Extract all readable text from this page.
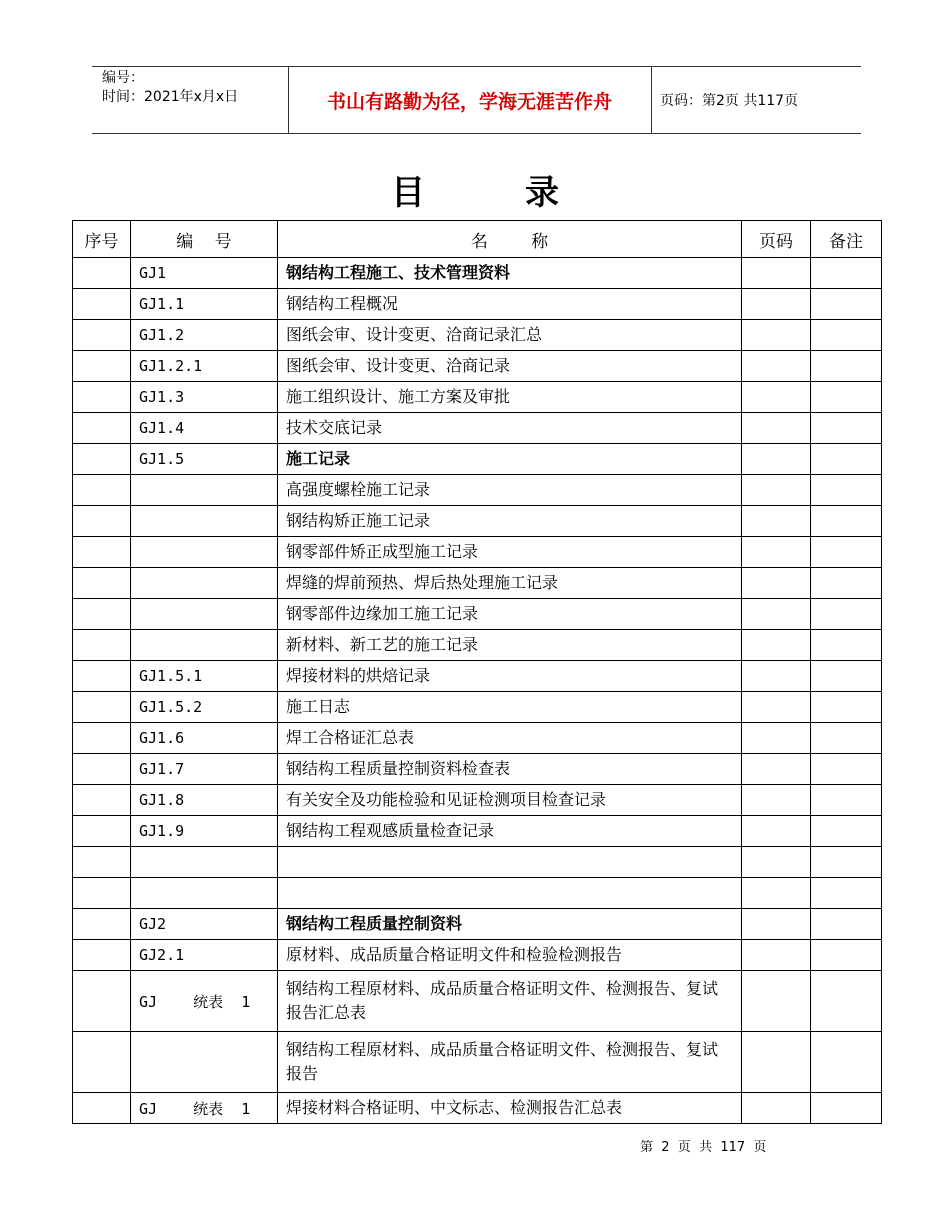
编号：
时间：2021年x月x日	书山有路勤为径，学海无涯苦作舟	页码：第2页 共117页
目录
序号	编    号	名        称	页码	备注
	GJ1	钢结构工程施工、技术管理资料		
	GJ1.1	钢结构工程概况		
	GJ1.2	图纸会审、设计变更、洽商记录汇总		
	GJ1.2.1	图纸会审、设计变更、洽商记录		
	GJ1.3	施工组织设计、施工方案及审批		
	GJ1.4	技术交底记录		
	GJ1.5	施工记录		
		高强度螺栓施工记录		
		钢结构矫正施工记录		
		钢零部件矫正成型施工记录		
		焊缝的焊前预热、焊后热处理施工记录		
		钢零部件边缘加工施工记录		
		新材料、新工艺的施工记录		
	GJ1.5.1	焊接材料的烘焙记录		
	GJ1.5.2	施工日志		
	GJ1.6	焊工合格证汇总表		
	GJ1.7	钢结构工程质量控制资料检查表		
	GJ1.8	有关安全及功能检验和见证检测项目检查记录		
	GJ1.9	钢结构工程观感质量检查记录		

	GJ2	钢结构工程质量控制资料		
	GJ2.1	原材料、成品质量合格证明文件和检验检测报告		
	GJ    统表  1	钢结构工程原材料、成品质量合格证明文件、检测报告、复试报告汇总表		
		钢结构工程原材料、成品质量合格证明文件、检测报告、复试报告		
	GJ    统表  1	焊接材料合格证明、中文标志、检测报告汇总表		
第  2  页  共  117  页
